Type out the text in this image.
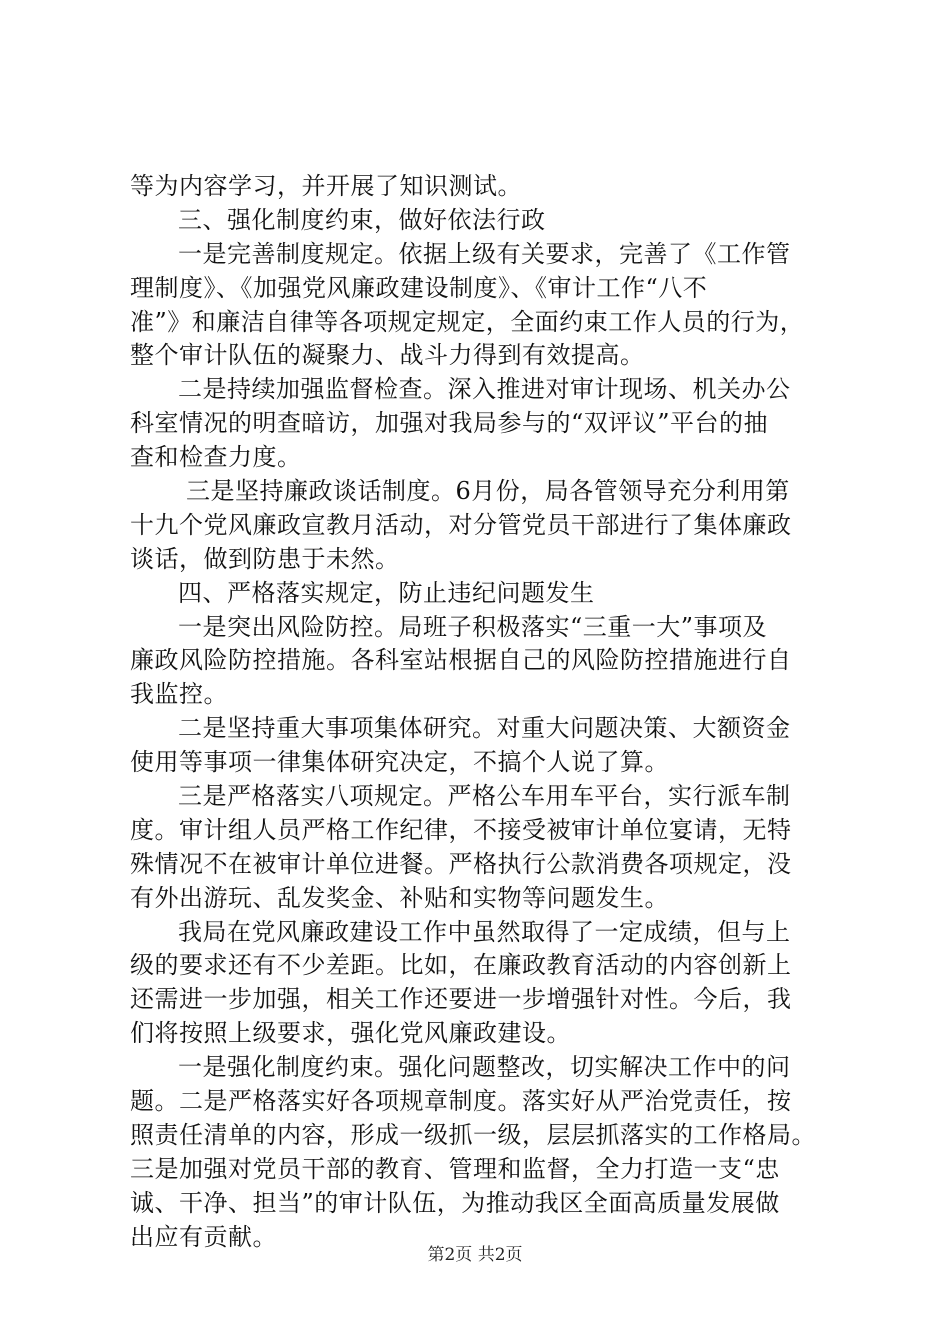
等为内容学习，并开展了知识测试。
三、强化制度约束，做好依法行政
一是完善制度规定。依据上级有关要求，完善了《工作管
理制度》、《加强党风廉政建设制度》、《审计工作“八不
准”》和廉洁自律等各项规定规定，全面约束工作人员的行为，
整个审计队伍的凝聚力、战斗力得到有效提高。
二是持续加强监督检查。深入推进对审计现场、机关办公
科室情况的明查暗访，加强对我局参与的“双评议”平台的抽
查和检查力度。
三是坚持廉政谈话制度。6月份，局各管领导充分利用第
十九个党风廉政宣教月活动，对分管党员干部进行了集体廉政
谈话，做到防患于未然。
四、严格落实规定，防止违纪问题发生
一是突出风险防控。局班子积极落实“三重一大”事项及
廉政风险防控措施。各科室站根据自己的风险防控措施进行自
我监控。
二是坚持重大事项集体研究。对重大问题决策、大额资金
使用等事项一律集体研究决定，不搞个人说了算。
三是严格落实八项规定。严格公车用车平台，实行派车制
度。审计组人员严格工作纪律，不接受被审计单位宴请，无特
殊情况不在被审计单位进餐。严格执行公款消费各项规定，没
有外出游玩、乱发奖金、补贴和实物等问题发生。
我局在党风廉政建设工作中虽然取得了一定成绩，但与上
级的要求还有不少差距。比如，在廉政教育活动的内容创新上
还需进一步加强，相关工作还要进一步增强针对性。今后，我
们将按照上级要求，强化党风廉政建设。
一是强化制度约束。强化问题整改，切实解决工作中的问
题。二是严格落实好各项规章制度。落实好从严治党责任，按
照责任清单的内容，形成一级抓一级，层层抓落实的工作格局。
三是加强对党员干部的教育、管理和监督，全力打造一支“忠
诚、干净、担当”的审计队伍，为推动我区全面高质量发展做
出应有贡献。
第2页 共2页
